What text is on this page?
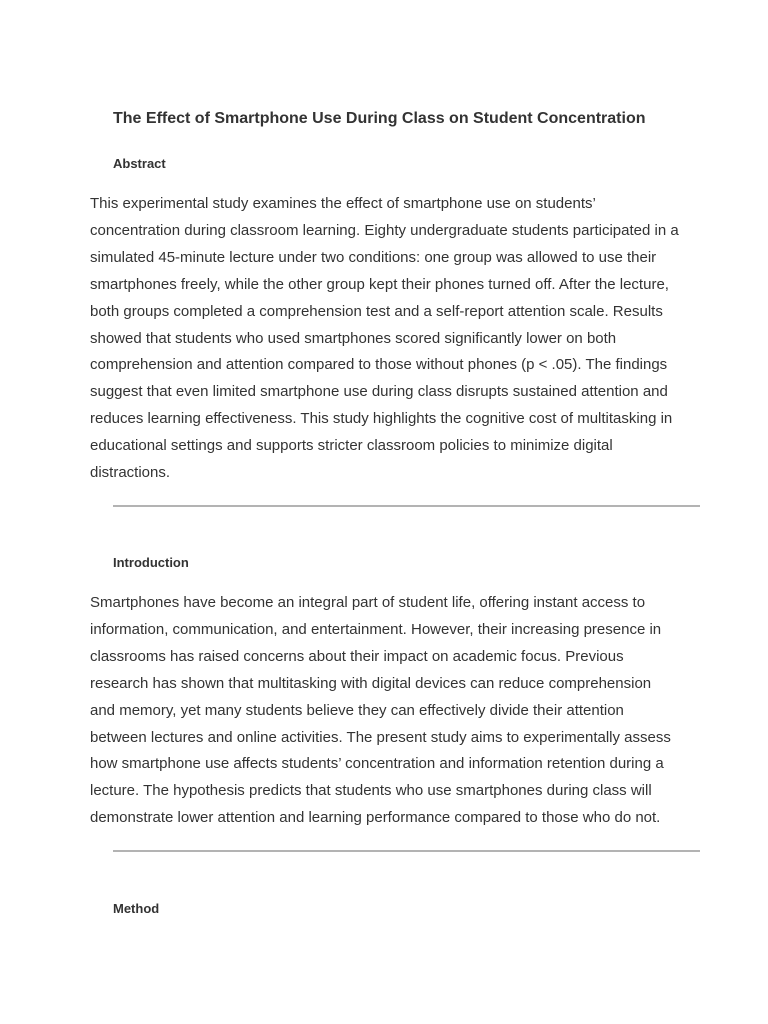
The Effect of Smartphone Use During Class on Student Concentration
Abstract

This experimental study examines the effect of smartphone use on students’ concentration during classroom learning. Eighty undergraduate students participated in a simulated 45-minute lecture under two conditions: one group was allowed to use their smartphones freely, while the other group kept their phones turned off. After the lecture, both groups completed a comprehension test and a self-report attention scale. Results showed that students who used smartphones scored significantly lower on both comprehension and attention compared to those without phones (p < .05). The findings suggest that even limited smartphone use during class disrupts sustained attention and reduces learning effectiveness. This study highlights the cognitive cost of multitasking in educational settings and supports stricter classroom policies to minimize digital distractions.

Introduction

Smartphones have become an integral part of student life, offering instant access to information, communication, and entertainment. However, their increasing presence in classrooms has raised concerns about their impact on academic focus. Previous research has shown that multitasking with digital devices can reduce comprehension and memory, yet many students believe they can effectively divide their attention between lectures and online activities. The present study aims to experimentally assess how smartphone use affects students’ concentration and information retention during a lecture. The hypothesis predicts that students who use smartphones during class will demonstrate lower attention and learning performance compared to those who do not.

Method
